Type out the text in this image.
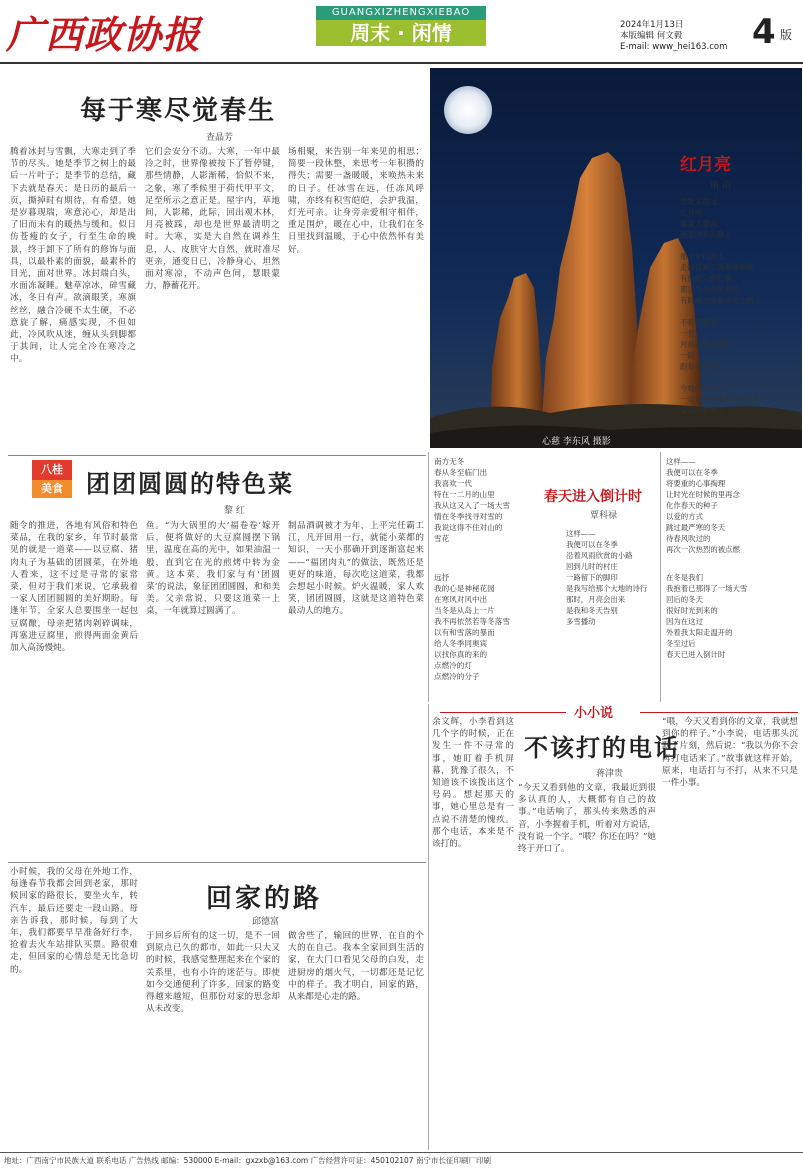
广西政协报	GUANGXIZHENGXIEBAO
周末 · 闲情	2024年1月13日
本版编辑 何文毅
E-mail: www_hei163.com 4 版
每于寒尽觉春生
查晶芳
腾着冰封与雪飘，大寒走到了季节的尽头。她是季节之树上的最后一片叶子；是季节的总结，藏下去就是春天；是日历的最后一页，撕掉时有期待，有希望。她是岁暮现瑞，寒意沁心，却是出了旧而未有的暖热与缓和。似日仿苍瘦的女子，行至生命的晚景，终于卸下了所有的修饰与面具，以最朴素的面貌，最素朴的目光，面对世界。冰封瑞白头，水面冻凝睡。魅草凉冰，碎雪藏冰，冬日有声。欲滴眼笑，寒旗丝丝，融合冷硬不太生硬，不必意旋了解，痛感实现，不但如此，冷风吹从迷，缠从头到脚都于其间，让人完全冷在寒冷之中。
它们会安分不动。大寒，一年中最冷之时，世界像被按下了暂停键，那些情静，人影渐稀，恰似不来，之象，寒了季候里于荷代甲平文，足至所示之意正是。屋宇内，草地间，人影稀，此际，回出观木林，月亮被踩，却也是世界最清明之时。大寒，实是大自然在调养生息，人、皮肤守大自然，就时准尽更亲，通变日已，冷静身心，坦然面对寒凉，不动声色间，慧眼蒙力，静蓄花开。
场相聚，来告别一年来见的相思；简要一段休整，来思考一年积攒的得失；需要一盏暖暖，来唤热未来的日子。任冰雪在远，任冻风呼啸，亦终有积雪皑皑，会护我温，灯光可亲。让身旁亲爱相守相伴，重足围炉，暖在心中，让我们在冬日里找到温暖，于心中依然怀有美好。
心慈 李东风 摄影
红月亮
雨 山
恍恍又很远
红月亮
像是无意或
还要回来的路上

那个年代的人
走路是累了就靠地歇歇
有时候只顾打柳，
都以为月亮是亮的
有时候去看看月亮上的人

不看不要紧
一看
月亮就会认识你
一路
跟着你回家

今晚的红月亮
一定是曾经跟着我回家的
爱笑的弟弟子
八桂
美食 团团圆圆的特色菜
黎 红
随令的推进，各地有风俗和特色菜品，在我的家乡，年节时最常见的就是一道菜——以豆腐、猪肉丸子为基础的团圆菜，在外地人看来，这不过是寻常的家常菜，但对于我们来说，它承载着一家人团团圆圆的美好期盼。每逢年节，全家人总要围坐一起包豆腐酿，母亲把猪肉剁碎调味，再塞进豆腐里，煎得两面金黄后加入高汤慢炖。
鱼。“为大锅里的大‘福卷卷’嫁开后，便将做好的大豆腐圆摆下锅里，温度在高的光中，如果油温一般，直到它在光的煎烤中转为金黄。这本菜，我们家与有‘团圆菜’的说法，象征团团圆圆，和和美美。父亲常说，只要这道菜一上桌，一年就算过圆满了。
制品酒调被才为年，上平完任霸工江，凡开回用一行，就能小菜都的知识，一天小那确开到逐渐富起来——“福团肉丸”的做法，既然还是更好的味道，每次吃这道菜，我都会想起小时候。炉火温暖，家人欢笑，团团圆圆，这就是这道特色菜最动人的地方。
南方无冬
春从冬至临门出
我喜欢一代
特在一二月的山里
我从这又入了一场大雪
情在冬季找寻对雪的
我说这得不住对山的
雪花
远抒
我的心是神秘花园
在寒风对风中出
当冬是从岛上一片
我不再依然若等冬落雪
以有和雪落的暴而
给人冬季同奥宾
以找你真的来的
点燃冷的灯
点燃冷的分子
春天进入倒计时
覃科禄
这样——
我便可以在冬季
沿着风雨欣赏的小路
回到儿时的村庄
一路留下的脚印
是我写给那个大地的诗行
那时，月亮会出来
是我和冬天告别
多雪播动
这样——
我便可以在冬季
将要重的心事掏理
让时光在时候的里再念
化作春天的种子
以爱的方式
跳过最严寒的冬天
待春风吹过的
再次一次热烈的被点燃
在冬是我们
我抱着已那得了一场大雪
回后的冬天
很好时光到来的
因为在这过
外着我太阳走温开的
冬至过后
春天已进入倒计时
回家的路
邱德富
小时候，我的父母在外地工作，每逢春节我都会回到老家，那时候回家的路很长，要坐火车，转汽车，最后还要走一段山路。母亲告诉我，那时候，每到了大年，我们都要早早准备好行李，抢着去火车站排队买票。路很难走，但回家的心情总是无比急切的。
于回乡后所有的这一切，是不一回到原点已久的都市，如此一只大又的时候，我感觉整理起来在个家的关系里，也有小许的迷茫与。即使如今交通便利了许多，回家的路变得越来越短，但那份对家的思念却从未改变。
做舍些了，输回的世界，在自的个大的在自己。我本全家回到生活的家，在大门口看见父母的白发，走进厨房的烟火气，一切都还是记忆中的样子。我才明白，回家的路，从来都是心走的路。
小小说
不该打的电话
蒋津贵
余文辉，小李看到这几个字的时候，正在发生一件不寻常的事，她盯着手机屏幕，犹豫了很久，不知道该不该拨出这个号码。想起那天的事，她心里总是有一点说不清楚的愧疚。那个电话，本来是不该打的。
“今天又看到他的文章，我最近到很多认真的人，大概都有自己的故事。”电话响了，那头传来熟悉的声音，小李握着手机，听着对方说话，没有说一个字。“喂？你还在吗？”她终于开口了。
“喂，今天又看到你的文章，我就想到你的样子。”小李说，电话那头沉默了片刻，然后说：“我以为你不会再打电话来了。”故事就这样开始，原来，电话打与不打，从来不只是一件小事。
地址：广西南宁市民族大道 联系电话 广告热线 邮编：530000 E-mail：gxzxb@163.com 广告经营许可证：450102107 南宁市长征印刷厂印刷
